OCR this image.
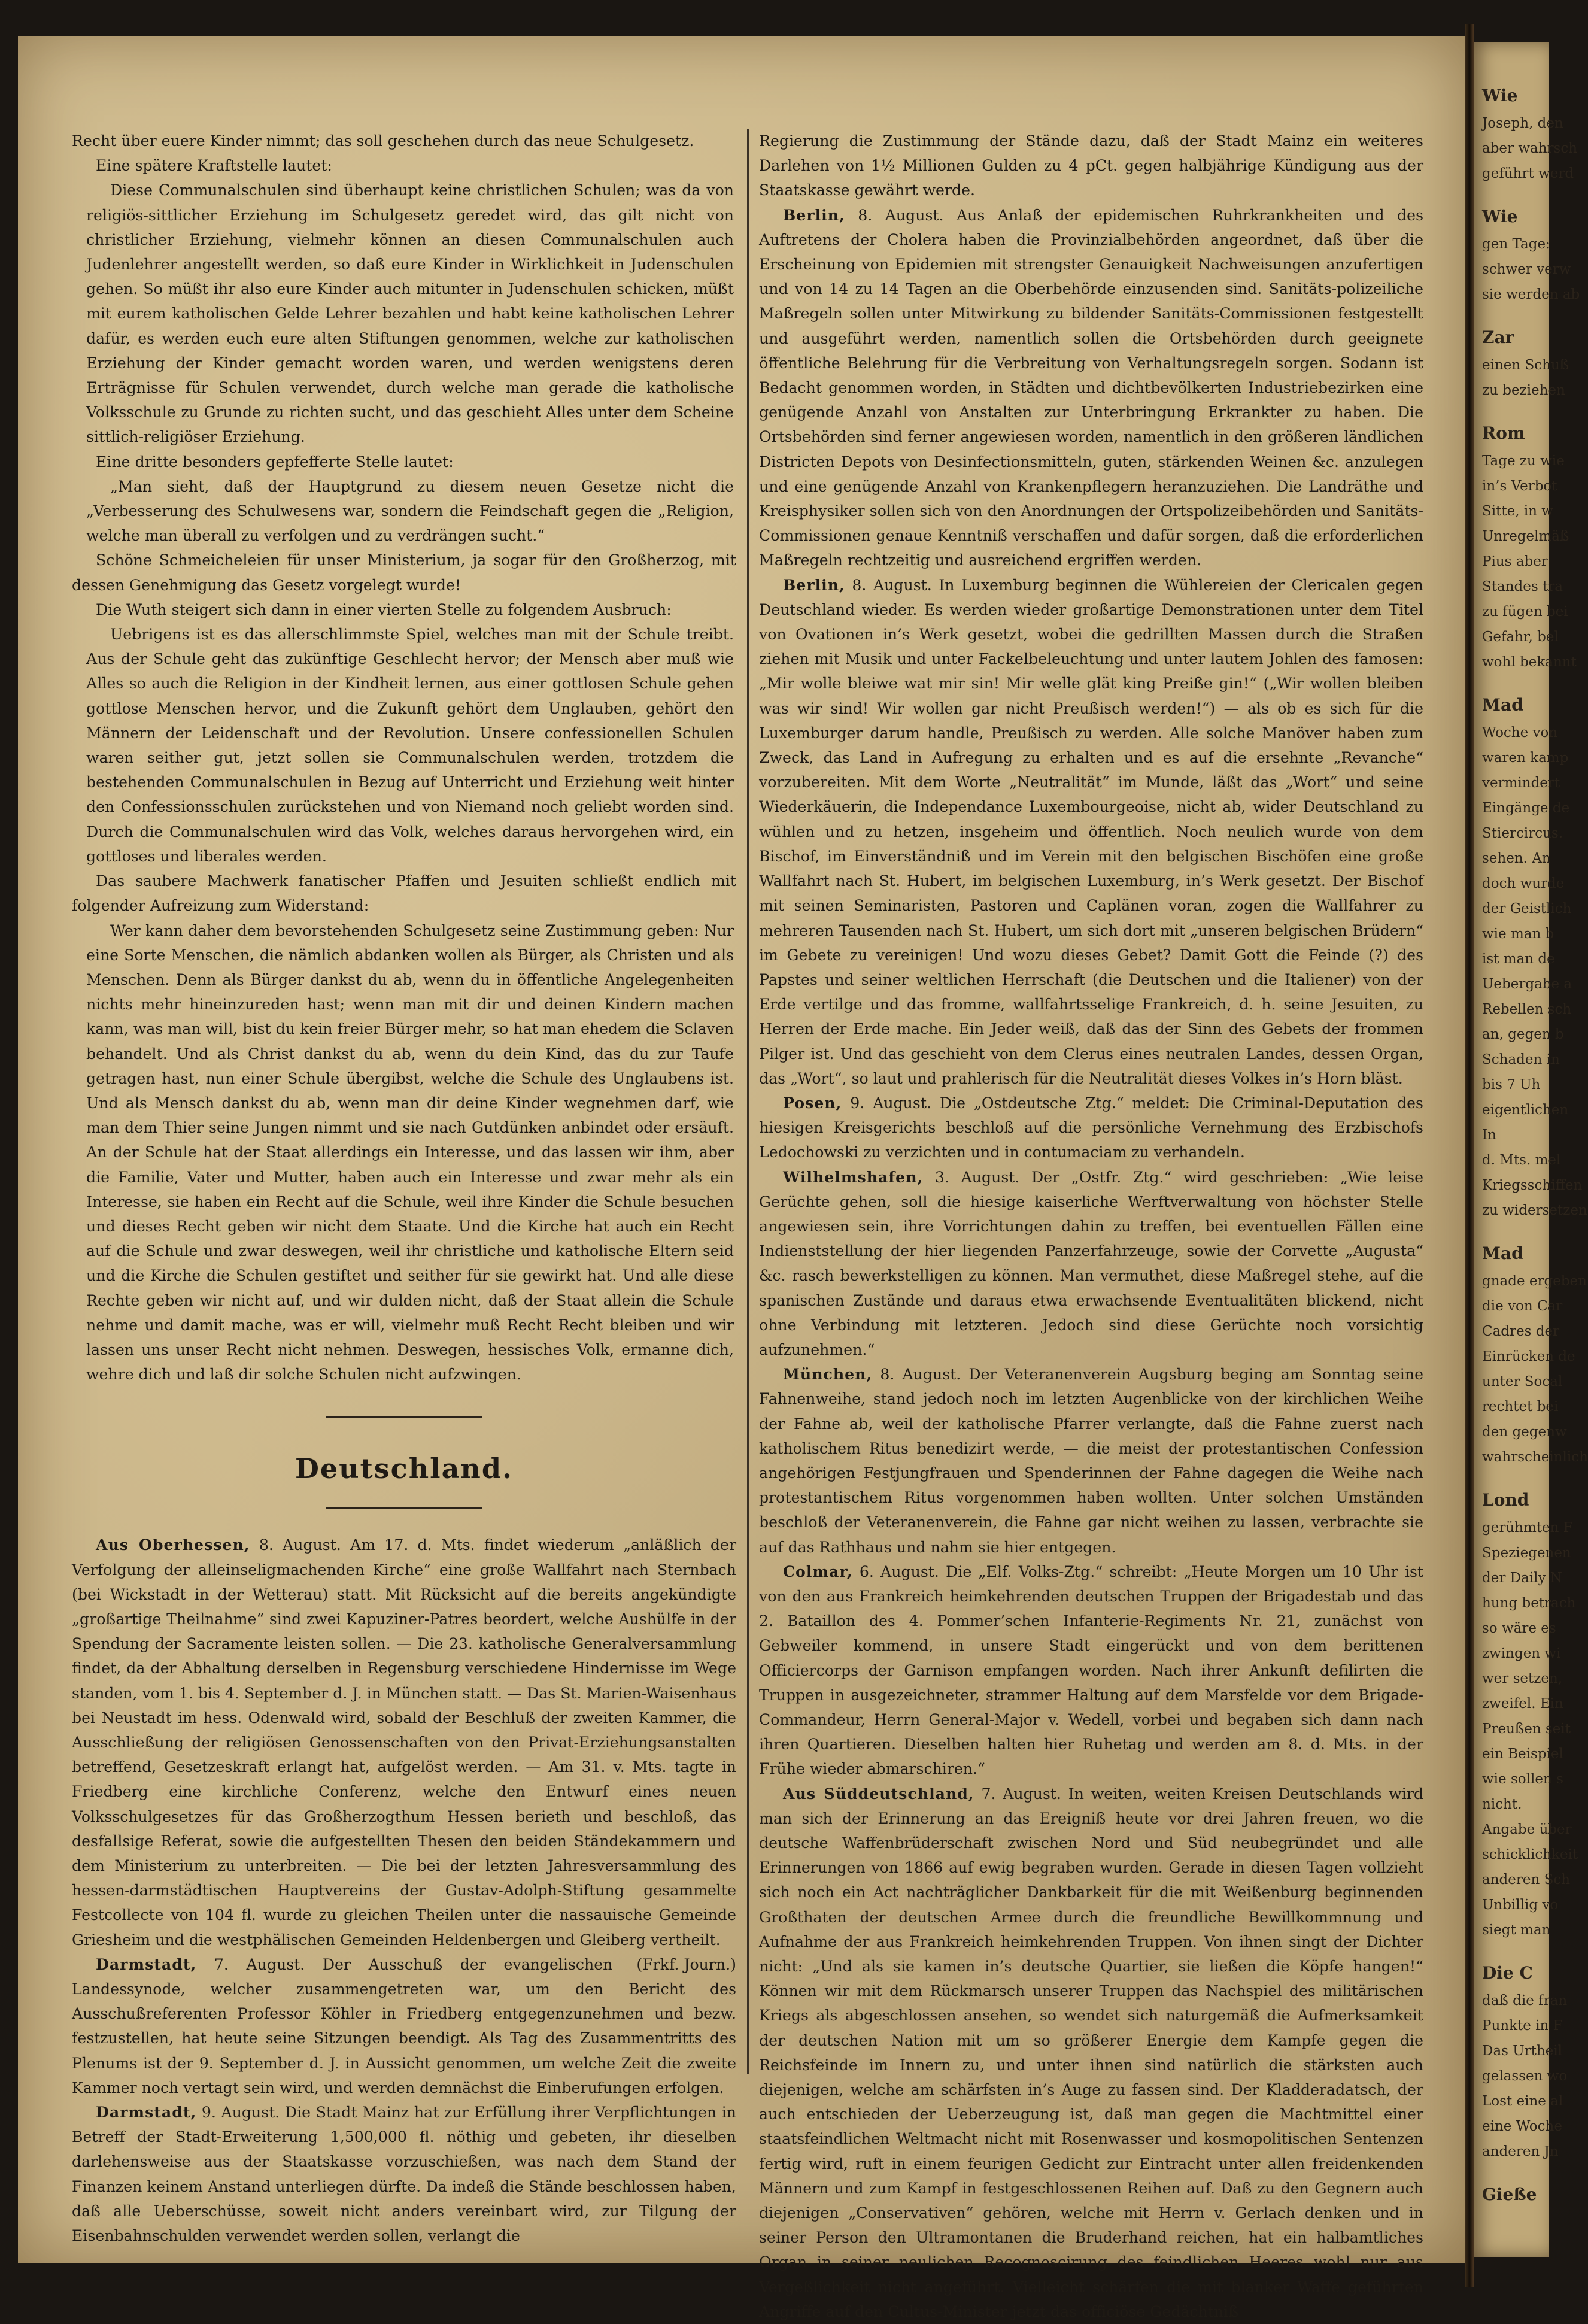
Wie
Joseph, den
aber wahrsch
geführt werd
Wie
gen Tage:
schwer verw
sie werden ab
Zar
einen Schuß
zu beziehen
Rom
Tage zu wie
in’s Verbot
Sitte, in w
Unregelmäß
Pius aber
Standes tra
zu fügen bei
Gefahr, bel
wohl bekannt
Mad
Woche von
waren kamp
vermindert
Eingänge de
Stiercircus.
sehen. An
doch wurde
der Geistlich
wie man b
ist man de
Uebergabe a
Rebellen sch
an, gegen b
Schaden in
bis 7 Uh
eigentlichen
In
d. Mts. mel
Kriegsschiffen
zu widersetzen
Mad
gnade ergeben
die von Car
Cadres der
Einrücken de
unter Socal
rechtet bei
den gegenw
wahrscheinlich
Lond
gerühmten F
Speziegenen
der Daily N
hung betrach
so wäre es
zwingen wi
wer setzen,
zweifel. Ein
Preußen seit
ein Beispiel
wie sollen s
nicht.
Angabe über
schicklichkeit
anderen Sch
Unbillig vo
siegt man
Die C
daß die fran
Punkte in F
Das Urtheil
gelassen wo
Lost eine al
eine Woche
anderen Jn
Gieße

Recht über euere Kinder nimmt; das soll geschehen durch das neue Schulgesetz.

Eine spätere Kraftstelle lautet:

Diese Communalschulen sind überhaupt keine christlichen Schulen; was da von religiös-sittlicher Erziehung im Schulgesetz geredet wird, das gilt nicht von christlicher Erziehung, vielmehr können an diesen Communalschulen auch Judenlehrer angestellt werden, so daß eure Kinder in Wirklichkeit in Judenschulen gehen. So müßt ihr also eure Kinder auch mitunter in Judenschulen schicken, müßt mit eurem katholischen Gelde Lehrer bezahlen und habt keine katholischen Lehrer dafür, es werden euch eure alten Stiftungen genommen, welche zur katholischen Erziehung der Kinder gemacht worden waren, und werden wenigstens deren Erträgnisse für Schulen verwendet, durch welche man gerade die katholische Volksschule zu Grunde zu richten sucht, und das geschieht Alles unter dem Scheine sittlich-religiöser Erziehung.

Eine dritte besonders gepfefferte Stelle lautet:

„Man sieht, daß der Hauptgrund zu diesem neuen Gesetze nicht die „Verbesserung des Schulwesens war, sondern die Feindschaft gegen die „Religion, welche man überall zu verfolgen und zu verdrängen sucht.“

Schöne Schmeicheleien für unser Ministerium, ja sogar für den Großherzog, mit dessen Genehmigung das Gesetz vorgelegt wurde!

Die Wuth steigert sich dann in einer vierten Stelle zu folgendem Ausbruch:

Uebrigens ist es das allerschlimmste Spiel, welches man mit der Schule treibt. Aus der Schule geht das zukünftige Geschlecht hervor; der Mensch aber muß wie Alles so auch die Religion in der Kindheit lernen, aus einer gottlosen Schule gehen gottlose Menschen hervor, und die Zukunft gehört dem Unglauben, gehört den Männern der Leidenschaft und der Revolution. Unsere confessionellen Schulen waren seither gut, jetzt sollen sie Communalschulen werden, trotzdem die bestehenden Communalschulen in Bezug auf Unterricht und Erziehung weit hinter den Confessionsschulen zurückstehen und von Niemand noch geliebt worden sind. Durch die Communalschulen wird das Volk, welches daraus hervorgehen wird, ein gottloses und liberales werden.

Das saubere Machwerk fanatischer Pfaffen und Jesuiten schließt endlich mit folgender Aufreizung zum Widerstand:

Wer kann daher dem bevorstehenden Schulgesetz seine Zustimmung geben: Nur eine Sorte Menschen, die nämlich abdanken wollen als Bürger, als Christen und als Menschen. Denn als Bürger dankst du ab, wenn du in öffentliche Angelegenheiten nichts mehr hineinzureden hast; wenn man mit dir und deinen Kindern machen kann, was man will, bist du kein freier Bürger mehr, so hat man ehedem die Sclaven behandelt. Und als Christ dankst du ab, wenn du dein Kind, das du zur Taufe getragen hast, nun einer Schule übergibst, welche die Schule des Unglaubens ist. Und als Mensch dankst du ab, wenn man dir deine Kinder wegnehmen darf, wie man dem Thier seine Jungen nimmt und sie nach Gutdünken anbindet oder ersäuft. An der Schule hat der Staat allerdings ein Interesse, und das lassen wir ihm, aber die Familie, Vater und Mutter, haben auch ein Interesse und zwar mehr als ein Interesse, sie haben ein Recht auf die Schule, weil ihre Kinder die Schule besuchen und dieses Recht geben wir nicht dem Staate. Und die Kirche hat auch ein Recht auf die Schule und zwar deswegen, weil ihr christliche und katholische Eltern seid und die Kirche die Schulen gestiftet und seither für sie gewirkt hat. Und alle diese Rechte geben wir nicht auf, und wir dulden nicht, daß der Staat allein die Schule nehme und damit mache, was er will, vielmehr muß Recht Recht bleiben und wir lassen uns unser Recht nicht nehmen. Deswegen, hessisches Volk, ermanne dich, wehre dich und laß dir solche Schulen nicht aufzwingen.

Deutschland.

Aus Oberhessen, 8. August. Am 17. d. Mts. findet wiederum „anläßlich der Verfolgung der alleinseligmachenden Kirche“ eine große Wallfahrt nach Sternbach (bei Wickstadt in der Wetterau) statt. Mit Rücksicht auf die bereits angekündigte „großartige Theilnahme“ sind zwei Kapuziner-Patres beordert, welche Aushülfe in der Spendung der Sacramente leisten sollen. — Die 23. katholische Generalversammlung findet, da der Abhaltung derselben in Regensburg verschiedene Hindernisse im Wege standen, vom 1. bis 4. September d. J. in München statt. — Das St. Marien-Waisenhaus bei Neustadt im hess. Odenwald wird, sobald der Beschluß der zweiten Kammer, die Ausschließung der religiösen Genossenschaften von den Privat-Erziehungsanstalten betreffend, Gesetzeskraft erlangt hat, aufgelöst werden. — Am 31. v. Mts. tagte in Friedberg eine kirchliche Conferenz, welche den Entwurf eines neuen Volksschulgesetzes für das Großherzogthum Hessen berieth und beschloß, das desfallsige Referat, sowie die aufgestellten Thesen den beiden Ständekammern und dem Ministerium zu unterbreiten. — Die bei der letzten Jahresversammlung des hessen-darmstädtischen Hauptvereins der Gustav-Adolph-Stiftung gesammelte Festcollecte von 104 fl. wurde zu gleichen Theilen unter die nassauische Gemeinde Griesheim und die westphälischen Gemeinden Heldenbergen und Gleiberg vertheilt.
(Frkf. Journ.)

Darmstadt, 7. August. Der Ausschuß der evangelischen Landessynode, welcher zusammengetreten war, um den Bericht des Ausschußreferenten Professor Köhler in Friedberg entgegenzunehmen und bezw. festzustellen, hat heute seine Sitzungen beendigt. Als Tag des Zusammentritts des Plenums ist der 9. September d. J. in Aussicht genommen, um welche Zeit die zweite Kammer noch vertagt sein wird, und werden demnächst die Einberufungen erfolgen.

Darmstadt, 9. August. Die Stadt Mainz hat zur Erfüllung ihrer Verpflichtungen in Betreff der Stadt-Erweiterung 1,500,000 fl. nöthig und gebeten, ihr dieselben darlehensweise aus der Staatskasse vorzuschießen, was nach dem Stand der Finanzen keinem Anstand unterliegen dürfte. Da indeß die Stände beschlossen haben, daß alle Ueberschüsse, soweit nicht anders vereinbart wird, zur Tilgung der Eisenbahnschulden verwendet werden sollen, verlangt die

Regierung die Zustimmung der Stände dazu, daß der Stadt Mainz ein weiteres Darlehen von 1½ Millionen Gulden zu 4 pCt. gegen halbjährige Kündigung aus der Staatskasse gewährt werde.

Berlin, 8. August. Aus Anlaß der epidemischen Ruhrkrankheiten und des Auftretens der Cholera haben die Provinzialbehörden angeordnet, daß über die Erscheinung von Epidemien mit strengster Genauigkeit Nachweisungen anzufertigen und von 14 zu 14 Tagen an die Oberbehörde einzusenden sind. Sanitäts-polizeiliche Maßregeln sollen unter Mitwirkung zu bildender Sanitäts-Commissionen festgestellt und ausgeführt werden, namentlich sollen die Ortsbehörden durch geeignete öffentliche Belehrung für die Verbreitung von Verhaltungsregeln sorgen. Sodann ist Bedacht genommen worden, in Städten und dichtbevölkerten Industriebezirken eine genügende Anzahl von Anstalten zur Unterbringung Erkrankter zu haben. Die Ortsbehörden sind ferner angewiesen worden, namentlich in den größeren ländlichen Districten Depots von Desinfectionsmitteln, guten, stärkenden Weinen &c. anzulegen und eine genügende Anzahl von Krankenpflegern heranzuziehen. Die Landräthe und Kreisphysiker sollen sich von den Anordnungen der Ortspolizeibehörden und Sanitäts-Commissionen genaue Kenntniß verschaffen und dafür sorgen, daß die erforderlichen Maßregeln rechtzeitig und ausreichend ergriffen werden.

Berlin, 8. August. In Luxemburg beginnen die Wühlereien der Clericalen gegen Deutschland wieder. Es werden wieder großartige Demonstrationen unter dem Titel von Ovationen in’s Werk gesetzt, wobei die gedrillten Massen durch die Straßen ziehen mit Musik und unter Fackelbeleuchtung und unter lautem Johlen des famosen: „Mir wolle bleiwe wat mir sin! Mir welle glät king Preiße gin!“ („Wir wollen bleiben was wir sind! Wir wollen gar nicht Preußisch werden!“) — als ob es sich für die Luxemburger darum handle, Preußisch zu werden. Alle solche Manöver haben zum Zweck, das Land in Aufregung zu erhalten und es auf die ersehnte „Revanche“ vorzubereiten. Mit dem Worte „Neutralität“ im Munde, läßt das „Wort“ und seine Wiederkäuerin, die Independance Luxembourgeoise, nicht ab, wider Deutschland zu wühlen und zu hetzen, insgeheim und öffentlich. Noch neulich wurde von dem Bischof, im Einverständniß und im Verein mit den belgischen Bischöfen eine große Wallfahrt nach St. Hubert, im belgischen Luxemburg, in’s Werk gesetzt. Der Bischof mit seinen Seminaristen, Pastoren und Caplänen voran, zogen die Wallfahrer zu mehreren Tausenden nach St. Hubert, um sich dort mit „unseren belgischen Brüdern“ im Gebete zu vereinigen! Und wozu dieses Gebet? Damit Gott die Feinde (?) des Papstes und seiner weltlichen Herrschaft (die Deutschen und die Italiener) von der Erde vertilge und das fromme, wallfahrtsselige Frankreich, d. h. seine Jesuiten, zu Herren der Erde mache. Ein Jeder weiß, daß das der Sinn des Gebets der frommen Pilger ist. Und das geschieht von dem Clerus eines neutralen Landes, dessen Organ, das „Wort“, so laut und prahlerisch für die Neutralität dieses Volkes in’s Horn bläst.

Posen, 9. August. Die „Ostdeutsche Ztg.“ meldet: Die Criminal-Deputation des hiesigen Kreisgerichts beschloß auf die persönliche Vernehmung des Erzbischofs Ledochowski zu verzichten und in contumaciam zu verhandeln.

Wilhelmshafen, 3. August. Der „Ostfr. Ztg.“ wird geschrieben: „Wie leise Gerüchte gehen, soll die hiesige kaiserliche Werftverwaltung von höchster Stelle angewiesen sein, ihre Vorrichtungen dahin zu treffen, bei eventuellen Fällen eine Indienststellung der hier liegenden Panzerfahrzeuge, sowie der Corvette „Augusta“ &c. rasch bewerkstelligen zu können. Man vermuthet, diese Maßregel stehe, auf die spanischen Zustände und daraus etwa erwachsende Eventualitäten blickend, nicht ohne Verbindung mit letzteren. Jedoch sind diese Gerüchte noch vorsichtig aufzunehmen.“

München, 8. August. Der Veteranenverein Augsburg beging am Sonntag seine Fahnenweihe, stand jedoch noch im letzten Augenblicke von der kirchlichen Weihe der Fahne ab, weil der katholische Pfarrer verlangte, daß die Fahne zuerst nach katholischem Ritus benedizirt werde, — die meist der protestantischen Confession angehörigen Festjungfrauen und Spenderinnen der Fahne dagegen die Weihe nach protestantischem Ritus vorgenommen haben wollten. Unter solchen Umständen beschloß der Veteranenverein, die Fahne gar nicht weihen zu lassen, verbrachte sie auf das Rathhaus und nahm sie hier entgegen.

Colmar, 6. August. Die „Elf. Volks-Ztg.“ schreibt: „Heute Morgen um 10 Uhr ist von den aus Frankreich heimkehrenden deutschen Truppen der Brigadestab und das 2. Bataillon des 4. Pommer’schen Infanterie-Regiments Nr. 21, zunächst von Gebweiler kommend, in unsere Stadt eingerückt und von dem berittenen Officiercorps der Garnison empfangen worden. Nach ihrer Ankunft defilirten die Truppen in ausgezeichneter, strammer Haltung auf dem Marsfelde vor dem Brigade-Commandeur, Herrn General-Major v. Wedell, vorbei und begaben sich dann nach ihren Quartieren. Dieselben halten hier Ruhetag und werden am 8. d. Mts. in der Frühe wieder abmarschiren.“

Aus Süddeutschland, 7. August. In weiten, weiten Kreisen Deutschlands wird man sich der Erinnerung an das Ereigniß heute vor drei Jahren freuen, wo die deutsche Waffenbrüderschaft zwischen Nord und Süd neubegründet und alle Erinnerungen von 1866 auf ewig begraben wurden. Gerade in diesen Tagen vollzieht sich noch ein Act nachträglicher Dankbarkeit für die mit Weißenburg beginnenden Großthaten der deutschen Armee durch die freundliche Bewillkommnung und Aufnahme der aus Frankreich heimkehrenden Truppen. Von ihnen singt der Dichter nicht: „Und als sie kamen in’s deutsche Quartier, sie ließen die Köpfe hangen!“ Können wir mit dem Rückmarsch unserer Truppen das Nachspiel des militärischen Kriegs als abgeschlossen ansehen, so wendet sich naturgemäß die Aufmerksamkeit der deutschen Nation mit um so größerer Energie dem Kampfe gegen die Reichsfeinde im Innern zu, und unter ihnen sind natürlich die stärksten auch diejenigen, welche am schärfsten in’s Auge zu fassen sind. Der Kladderadatsch, der auch entschieden der Ueberzeugung ist, daß man gegen die Machtmittel einer staatsfeindlichen Weltmacht nicht mit Rosenwasser und kosmopolitischen Sentenzen fertig wird, ruft in einem feurigen Gedicht zur Eintracht unter allen freidenkenden Männern und zum Kampf in festgeschlossenen Reihen auf. Daß zu den Gegnern auch diejenigen „Conservativen“ gehören, welche mit Herrn v. Gerlach denken und in seiner Person den Ultramontanen die Bruderhand reichen, hat ein halbamtliches Organ in seiner neulichen Recognoscirung des feindlichen Heeres wohl nur aus Vergeßlichkeit nicht angeführt. Vielleicht schärfen die mit blanker Waffe geführten Angriffe auf den Cultus-Minister jetzt das officiöse Gedächtniß
